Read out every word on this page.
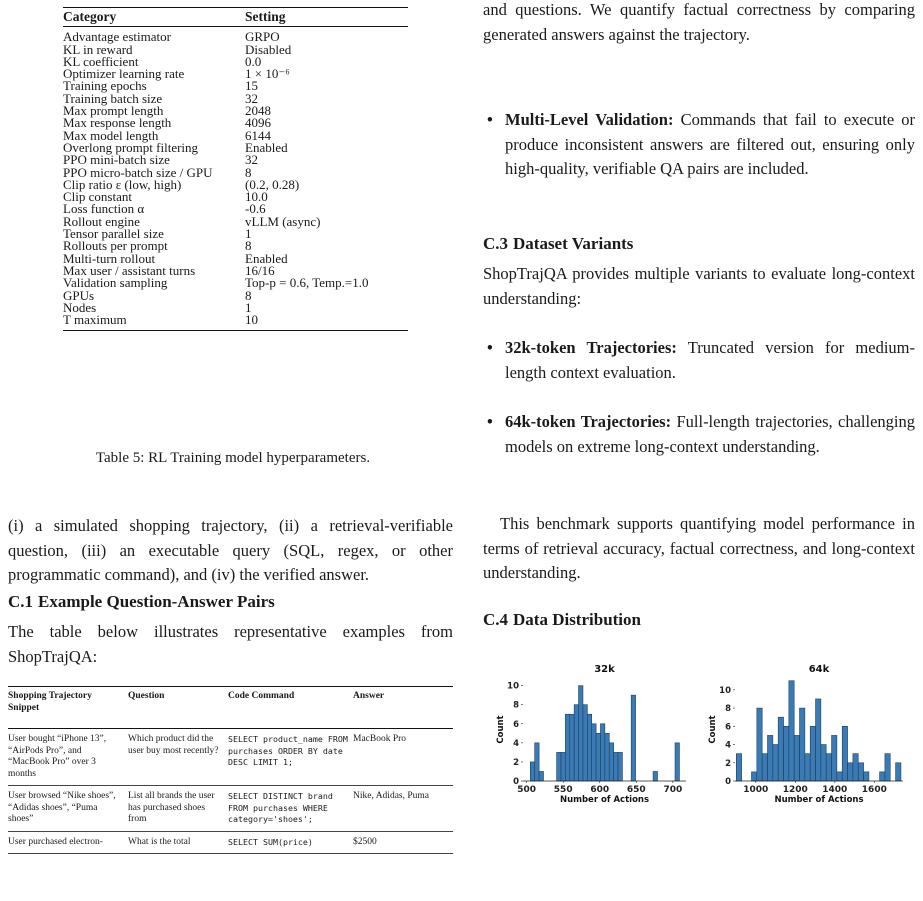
Category	Setting
Advantage estimator	GRPO
KL in reward	Disabled
KL coefficient	0.0
Optimizer learning rate	1 × 10⁻⁶
Training epochs	15
Training batch size	32
Max prompt length	2048
Max response length	4096
Max model length	6144
Overlong prompt filtering	Enabled
PPO mini-batch size	32
PPO micro-batch size / GPU	8
Clip ratio ε (low, high)	(0.2, 0.28)
Clip constant	10.0
Loss function α	-0.6
Rollout engine	vLLM (async)
Tensor parallel size	1
Rollouts per prompt	8
Multi-turn rollout	Enabled
Max user / assistant turns	16/16
Validation sampling	Top-p = 0.6, Temp.=1.0
GPUs	8
Nodes	1
T maximum	10
Table 5: RL Training model hyperparameters.

(i) a simulated shopping trajectory, (ii) a retrieval-verifiable question, (iii) an executable query (SQL, regex, or other programmatic command), and (iv) the verified answer.

C.1 Example Question-Answer Pairs

The table below illustrates representative examples from ShopTrajQA:

Shopping Trajectory Snippet	Question	Code Command	Answer
User bought “iPhone 13”, “AirPods Pro”, and “MacBook Pro” over 3 months	Which product did the user buy most recently?	SELECT product_name FROM purchases ORDER BY date DESC LIMIT 1;	MacBook Pro
User browsed “Nike shoes”, “Adidas shoes”, “Puma shoes”	List all brands the user has purchased shoes from	SELECT DISTINCT brand FROM purchases WHERE category='shoes';	Nike, Adidas, Puma
User purchased electron-	What is the total	SELECT SUM(price)	$2500

and questions. We quantify factual correctness by comparing generated answers against the trajectory.

• Multi-Level Validation: Commands that fail to execute or produce inconsistent answers are filtered out, ensuring only high-quality, verifiable QA pairs are included.
C.3 Dataset Variants

ShopTrajQA provides multiple variants to evaluate long-context understanding:

• 32k-token Trajectories: Truncated version for medium-length context evaluation.
• 64k-token Trajectories: Full-length trajectories, challenging models on extreme long-context understanding.

This benchmark supports quantifying model performance in terms of retrieval accuracy, factual correctness, and long-context understanding.

C.4 Data Distribution
0
2
4
6
8
10
500 550 600 650 700
32k
Number of Actions
Count
0
2
4
6
8
10
1000 1200 1400 1600
64k
Number of Actions
Count
